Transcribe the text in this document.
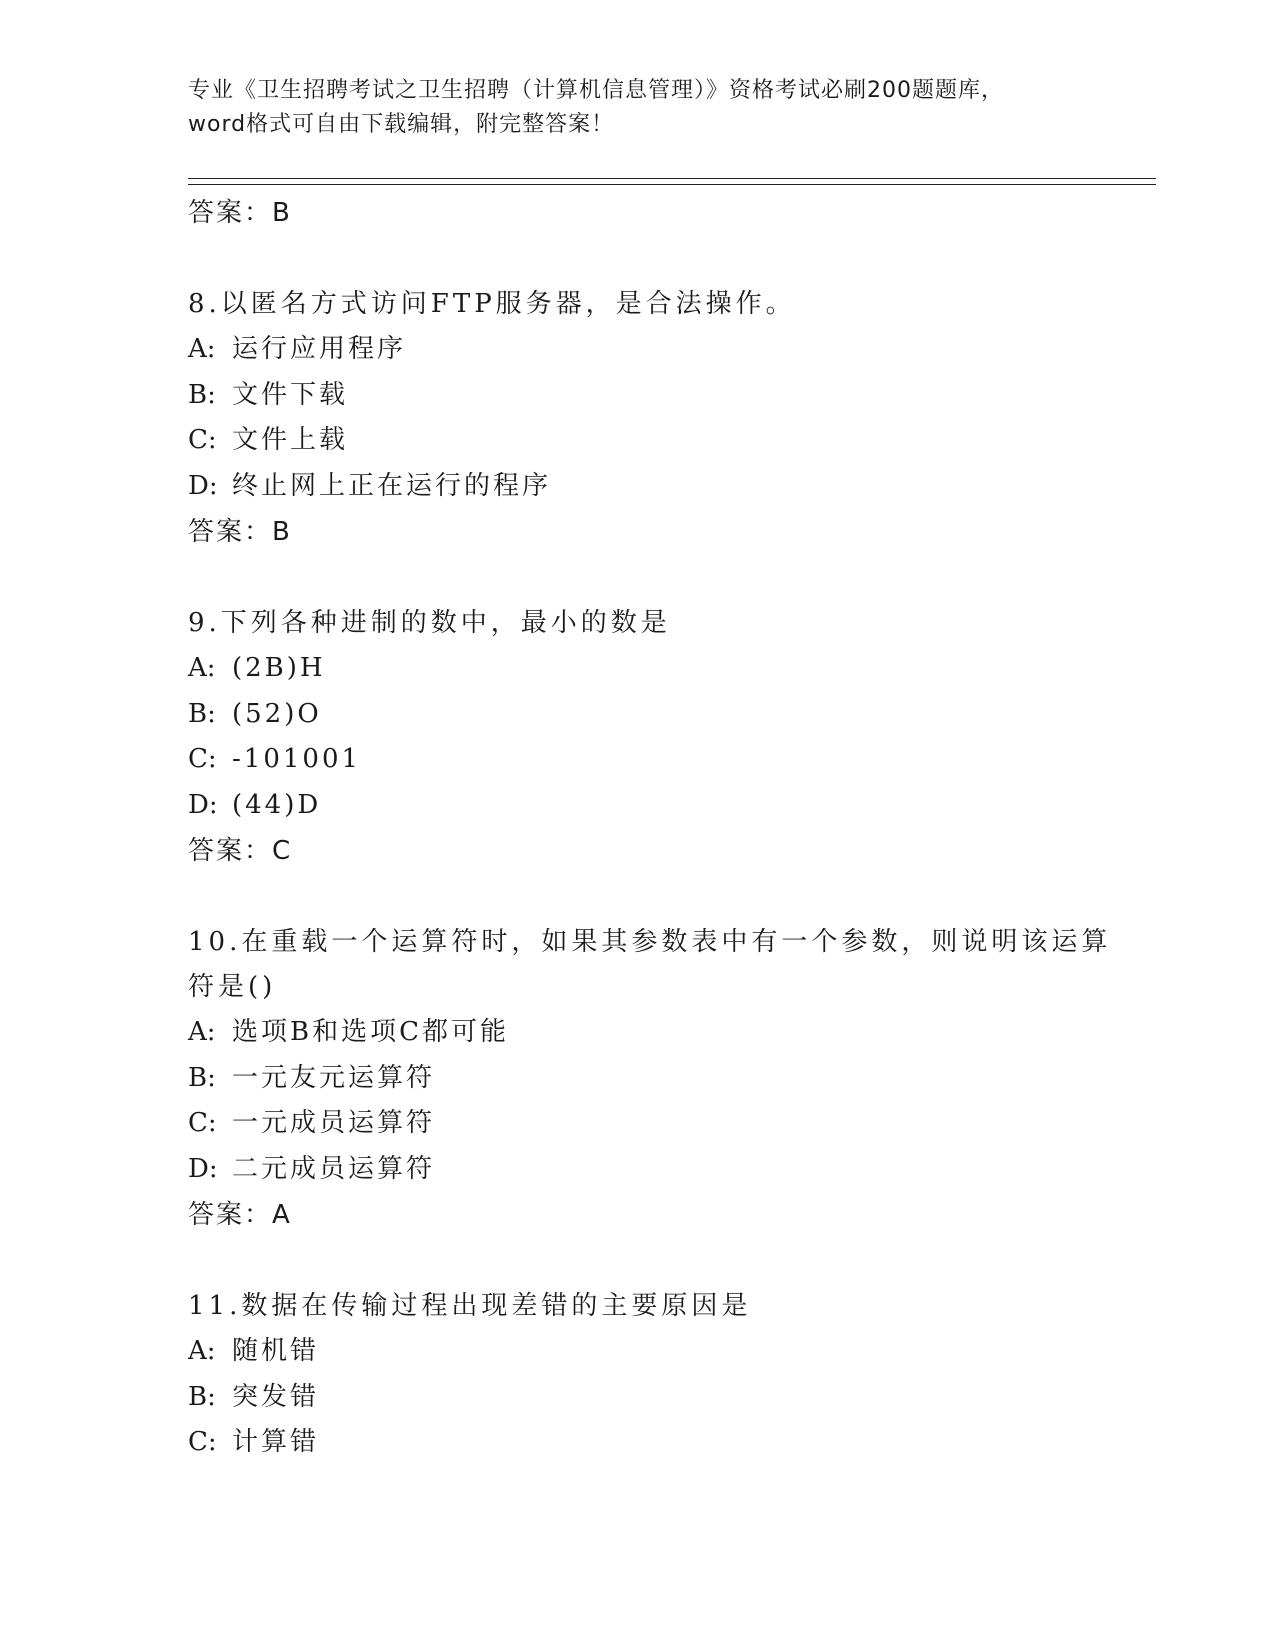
专业《卫生招聘考试之卫生招聘（计算机信息管理）》资格考试必刷200题题库，
word格式可自由下载编辑，附完整答案！
答案：B
8.以匿名方式访问FTP服务器，是合法操作。
A: 运行应用程序
B: 文件下载
C: 文件上载
D: 终止网上正在运行的程序
答案：B
9.下列各种进制的数中，最小的数是
A: (2B)H
B: (52)O
C: -101001
D: (44)D
答案：C
10.在重载一个运算符时，如果其参数表中有一个参数，则说明该运算
符是()
A: 选项B和选项C都可能
B: 一元友元运算符
C: 一元成员运算符
D: 二元成员运算符
答案：A
11.数据在传输过程出现差错的主要原因是
A: 随机错
B: 突发错
C: 计算错
